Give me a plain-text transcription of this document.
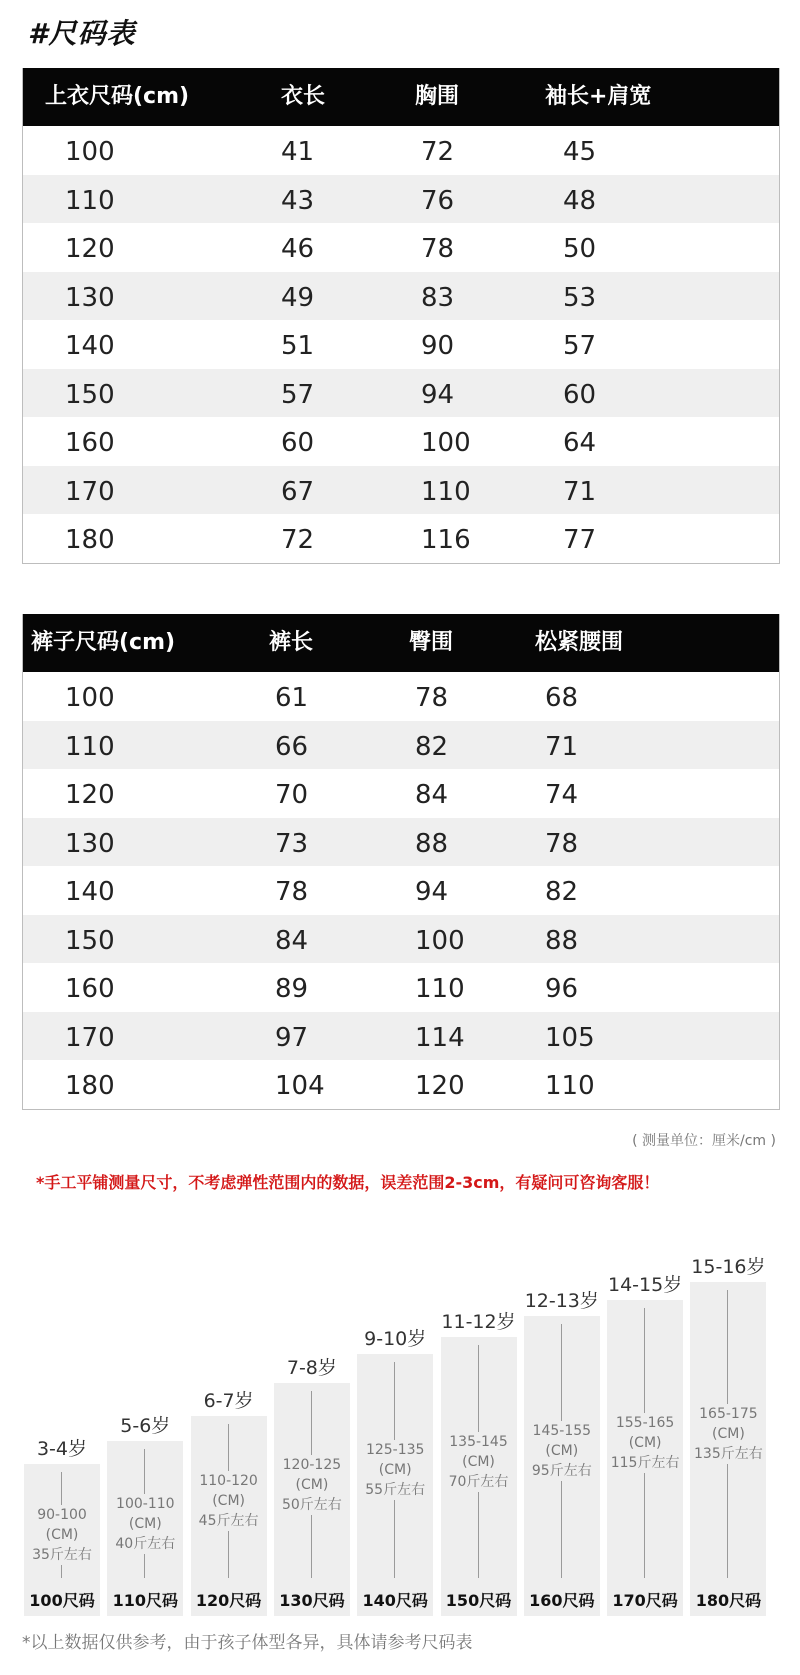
#尺码表
上衣尺码(cm)	衣长	胸围	袖长+肩宽
100	41	72	45
110	43	76	48
120	46	78	50
130	49	83	53
140	51	90	57
150	57	94	60
160	60	100	64
170	67	110	71
180	72	116	77
裤子尺码(cm)	裤长	臀围	松紧腰围
100	61	78	68
110	66	82	71
120	70	84	74
130	73	88	78
140	78	94	82
150	84	100	88
160	89	110	96
170	97	114	105
180	104	120	110
( 测量单位：厘米/cm )
*手工平铺测量尺寸，不考虑弹性范围内的数据，误差范围2-3cm，有疑问可咨询客服！
3-4岁
90-100
(CM)
35斤左右
100尺码
5-6岁
100-110
(CM)
40斤左右
110尺码
6-7岁
110-120
(CM)
45斤左右
120尺码
7-8岁
120-125
(CM)
50斤左右
130尺码
9-10岁
125-135
(CM)
55斤左右
140尺码
11-12岁
135-145
(CM)
70斤左右
150尺码
12-13岁
145-155
(CM)
95斤左右
160尺码
14-15岁
155-165
(CM)
115斤左右
170尺码
15-16岁
165-175
(CM)
135斤左右
180尺码
*以上数据仅供参考，由于孩子体型各异，具体请参考尺码表
